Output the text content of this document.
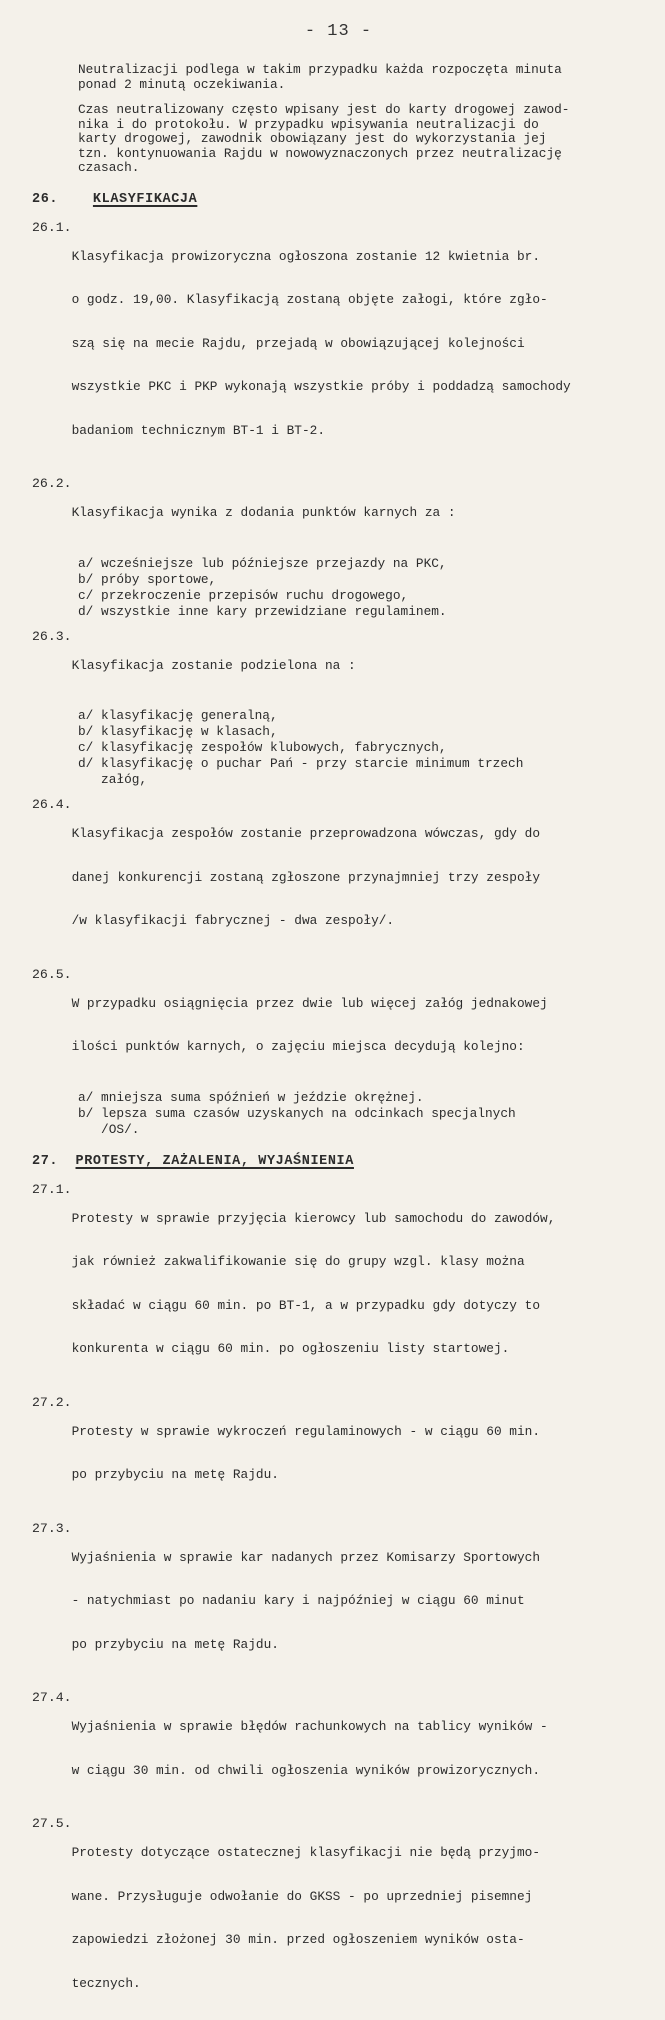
- 13 -
Neutralizacji podlega w takim przypadku każda rozpoczęta minuta
ponad 2 minutą oczekiwania.
Czas neutralizowany często wpisany jest do karty drogowej zawod-
nika i do protokołu. W przypadku wpisywania neutralizacji do
karty drogowej, zawodnik obowiązany jest do wykorzystania jej
tzn. kontynuowania Rajdu w nowowyznaczonych przez neutralizację
czasach.
26.	KLASYFIKACJA
26.1.

Klasyfikacja prowizoryczna ogłoszona zostanie 12 kwietnia br.

o godz. 19,00. Klasyfikacją zostaną objęte załogi, które zgło-

szą się na mecie Rajdu, przejadą w obowiązującej kolejności

wszystkie PKC i PKP wykonają wszystkie próby i poddadzą samochody

badaniom technicznym BT-1 i BT-2.

26.2.

Klasyfikacja wynika z dodania punktów karnych za :

a/ wcześniejsze lub późniejsze przejazdy na PKC,
b/ próby sportowe,
c/ przekroczenie przepisów ruchu drogowego,
d/ wszystkie inne kary przewidziane regulaminem.
26.3.

Klasyfikacja zostanie podzielona na :

a/ klasyfikację generalną,
b/ klasyfikację w klasach,
c/ klasyfikację zespołów klubowych, fabrycznych,
d/ klasyfikację o puchar Pań - przy starcie minimum trzech
załóg,
26.4.

Klasyfikacja zespołów zostanie przeprowadzona wówczas, gdy do

danej konkurencji zostaną zgłoszone przynajmniej trzy zespoły

/w klasyfikacji fabrycznej - dwa zespoły/.

26.5.

W przypadku osiągnięcia przez dwie lub więcej załóg jednakowej

ilości punktów karnych, o zajęciu miejsca decydują kolejno:

a/ mniejsza suma spóźnień w jeździe okrężnej.
b/ lepsza suma czasów uzyskanych na odcinkach specjalnych
/OS/.
27. PROTESTY, ZAŻALENIA, WYJAŚNIENIA
27.1.

Protesty w sprawie przyjęcia kierowcy lub samochodu do zawodów,

jak również zakwalifikowanie się do grupy wzgl. klasy można

składać w ciągu 60 min. po BT-1, a w przypadku gdy dotyczy to

konkurenta w ciągu 60 min. po ogłoszeniu listy startowej.

27.2.

Protesty w sprawie wykroczeń regulaminowych - w ciągu 60 min.

po przybyciu na metę Rajdu.

27.3.

Wyjaśnienia w sprawie kar nadanych przez Komisarzy Sportowych

- natychmiast po nadaniu kary i najpóźniej w ciągu 60 minut

po przybyciu na metę Rajdu.

27.4.

Wyjaśnienia w sprawie błędów rachunkowych na tablicy wyników -

w ciągu 30 min. od chwili ogłoszenia wyników prowizorycznych.

27.5.

Protesty dotyczące ostatecznej klasyfikacji nie będą przyjmo-

wane. Przysługuje odwołanie do GKSS - po uprzedniej pisemnej

zapowiedzi złożonej 30 min. przed ogłoszeniem wyników osta-

tecznych.
